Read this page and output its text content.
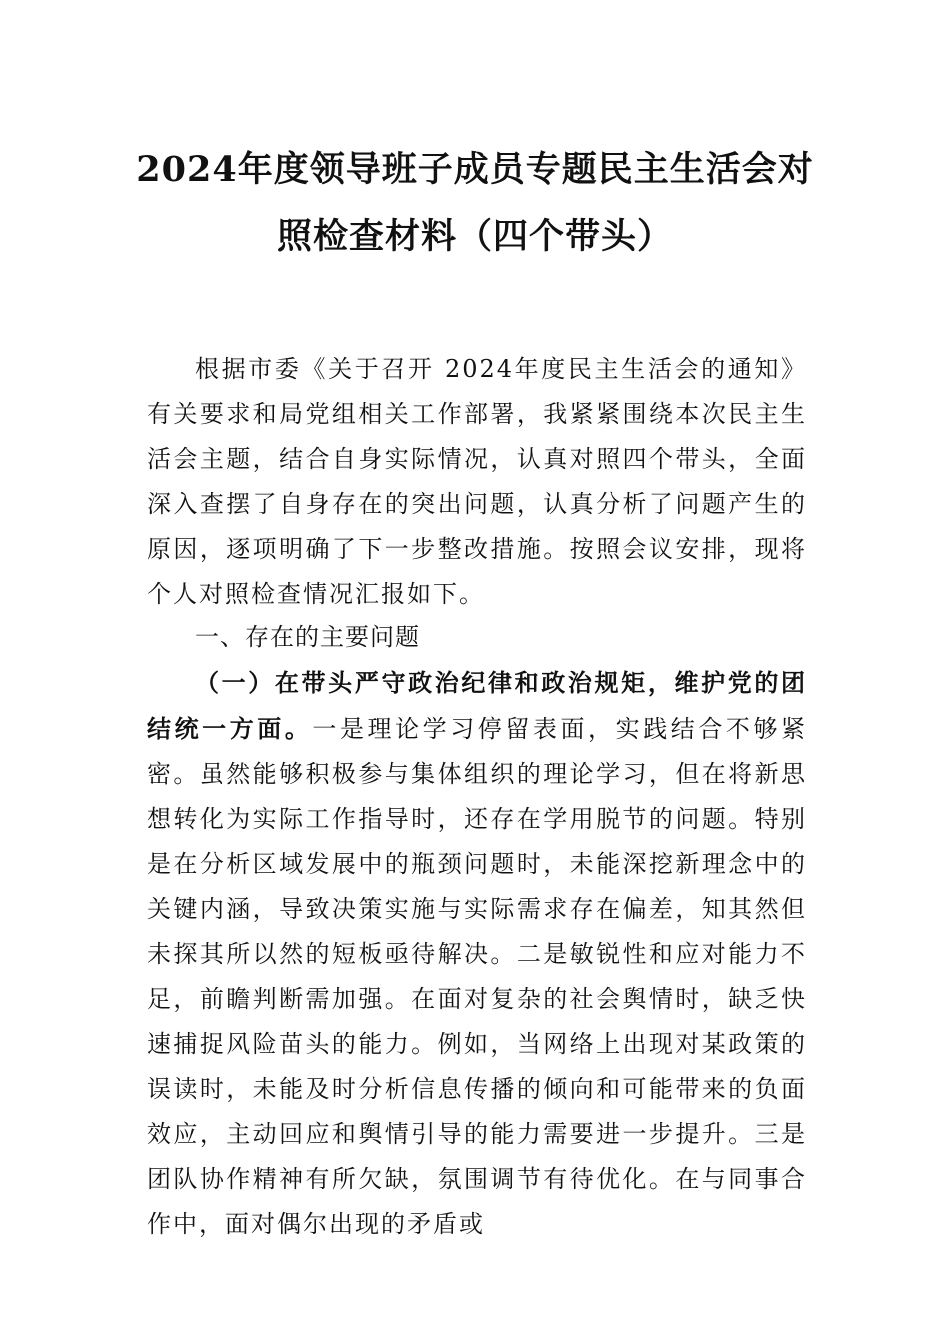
2024年度领导班子成员专题民主生活会对
照检查材料（四个带头）
根据市委《关于召开 2024年度民主生活会的通知》有关要求和局党组相关工作部署，我紧紧围绕本次民主生活会主题，结合自身实际情况，认真对照四个带头，全面深入查摆了自身存在的突出问题，认真分析了问题产生的原因，逐项明确了下一步整改措施。按照会议安排，现将个人对照检查情况汇报如下。
一、存在的主要问题
（一）在带头严守政治纪律和政治规矩，维护党的团结统一方面。一是理论学习停留表面，实践结合不够紧密。虽然能够积极参与集体组织的理论学习，但在将新思想转化为实际工作指导时，还存在学用脱节的问题。特别是在分析区域发展中的瓶颈问题时，未能深挖新理念中的关键内涵，导致决策实施与实际需求存在偏差，知其然但未探其所以然的短板亟待解决。二是敏锐性和应对能力不足，前瞻判断需加强。在面对复杂的社会舆情时，缺乏快速捕捉风险苗头的能力。例如，当网络上出现对某政策的误读时，未能及时分析信息传播的倾向和可能带来的负面效应，主动回应和舆情引导的能力需要进一步提升。三是团队协作精神有所欠缺，氛围调节有待优化。在与同事合作中，面对偶尔出现的矛盾或
